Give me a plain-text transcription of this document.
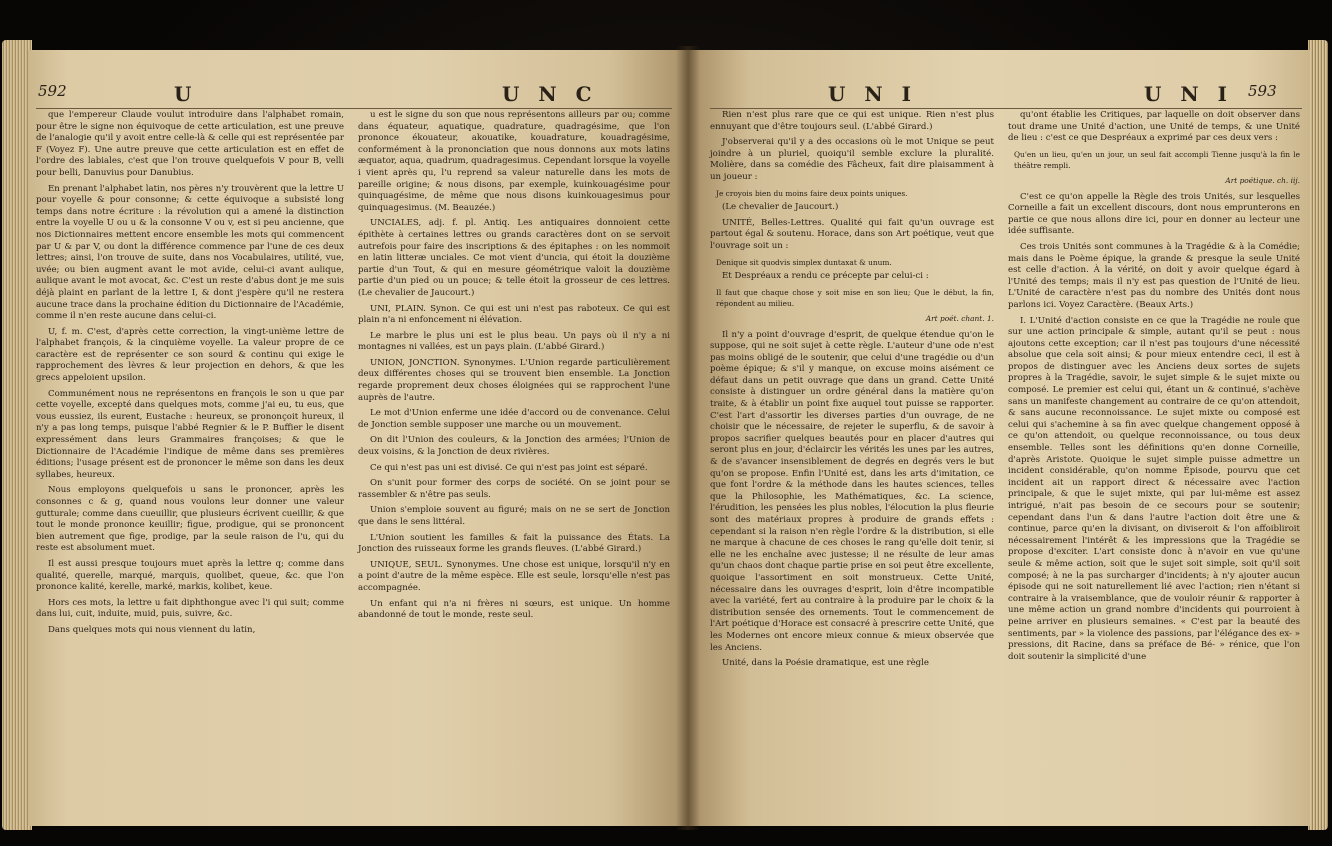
592	U	U N C

que l'empereur Claude voulut introduire dans l'alphabet romain, pour être le signe non équivoque de cette articulation, est une preuve de l'analogie qu'il y avoit entre celle-là & celle qui est représentée par F (Voyez F). Une autre preuve que cette articulation est en effet de l'ordre des labiales, c'est que l'on trouve quelquefois V pour B, velli pour belli, Danuvius pour Danubius.

En prenant l'alphabet latin, nos pères n'y trouvèrent que la lettre U pour voyelle & pour consonne; & cette équivoque a subsisté long temps dans notre écriture : la révolution qui a amené la distinction entre la voyelle U ou u & la consonne V ou v, est si peu ancienne, que nos Dictionnaires mettent encore ensemble les mots qui commencent par U & par V, ou dont la différence commence par l'une de ces deux lettres; ainsi, l'on trouve de suite, dans nos Vocabulaires, utilité, vue, uvée; ou bien augment avant le mot avide, celui-ci avant aulique, aulique avant le mot avocat, &c. C'est un reste d'abus dont je me suis déjà plaint en parlant de la lettre I, & dont j'espère qu'il ne restera aucune trace dans la prochaine édition du Dictionnaire de l'Académie, comme il n'en reste aucune dans celui-ci.

U, f. m. C'est, d'après cette correction, la vingt-unième lettre de l'alphabet françois, & la cinquième voyelle. La valeur propre de ce caractère est de représenter ce son sourd & continu qui exige le rapprochement des lèvres & leur projection en dehors, & que les grecs appeloient upsilon.

Communément nous ne représentons en françois le son u que par cette voyelle, excepté dans quelques mots, comme j'ai eu, tu eus, que vous eussiez, ils eurent, Eustache : heureux, se prononçoit hureux, il n'y a pas long temps, puisque l'abbé Regnier & le P. Buffier le disent expressément dans leurs Grammaires françoises; & que le Dictionnaire de l'Académie l'indique de même dans ses premières éditions; l'usage présent est de prononcer le même son dans les deux syllabes, heureux.

Nous employons quelquefois u sans le prononcer, après les consonnes c & g, quand nous voulons leur donner une valeur gutturale; comme dans cueuillir, que plusieurs écrivent cueillir, & que tout le monde prononce keuillir; figue, prodigue, qui se prononcent bien autrement que fige, prodige, par la seule raison de l'u, qui du reste est absolument muet.

Il est aussi presque toujours muet après la lettre q; comme dans qualité, querelle, marqué, marquis, quolibet, queue, &c. que l'on prononce kalité, kerelle, marké, markis, kolibet, keue.

Hors ces mots, la lettre u fait diphthongue avec l'i qui suit; comme dans lui, cuit, induite, muid, puis, suivre, &c.

Dans quelques mots qui nous viennent du latin,

u est le signe du son que nous représentons ailleurs par ou; comme dans équateur, aquatique, quadrature, quadragésime, que l'on prononce ékouateur, akouatike, kouadrature, kouadragésime, conformément à la prononciation que nous donnons aux mots latins æquator, aqua, quadrum, quadragesimus. Cependant lorsque la voyelle i vient après qu, l'u reprend sa valeur naturelle dans les mots de pareille origine; & nous disons, par exemple, kuinkouagésime pour quinquagésime, de même que nous disons kuinkouagesimus pour quinquagesimus. (M. Beauzée.)

UNCIALES, adj. f. pl. Antiq. Les antiquaires donnoient cette épithète à certaines lettres ou grands caractères dont on se servoit autrefois pour faire des inscriptions & des épitaphes : on les nommoit en latin litteræ unciales. Ce mot vient d'uncia, qui étoit la douzième partie d'un Tout, & qui en mesure géométrique valoit la douzième partie d'un pied ou un pouce; & telle étoit la grosseur de ces lettres. (Le chevalier de Jaucourt.)

UNI, PLAIN. Synon. Ce qui est uni n'est pas raboteux. Ce qui est plain n'a ni enfoncement ni élévation.

Le marbre le plus uni est le plus beau. Un pays où il n'y a ni montagnes ni vallées, est un pays plain. (L'abbé Girard.)

UNION, JONCTION. Synonymes. L'Union regarde particulièrement deux différentes choses qui se trouvent bien ensemble. La Jonction regarde proprement deux choses éloignées qui se rapprochent l'une auprès de l'autre.

Le mot d'Union enferme une idée d'accord ou de convenance. Celui de Jonction semble supposer une marche ou un mouvement.

On dit l'Union des couleurs, & la Jonction des armées; l'Union de deux voisins, & la Jonction de deux rivières.

Ce qui n'est pas uni est divisé. Ce qui n'est pas joint est séparé.

On s'unit pour former des corps de société. On se joint pour se rassembler & n'être pas seuls.

Union s'emploie souvent au figuré; mais on ne se sert de Jonction que dans le sens littéral.

L'Union soutient les familles & fait la puissance des États. La Jonction des ruisseaux forme les grands fleuves. (L'abbé Girard.)

UNIQUE, SEUL. Synonymes. Une chose est unique, lorsqu'il n'y en a point d'autre de la même espèce. Elle est seule, lorsqu'elle n'est pas accompagnée.

Un enfant qui n'a ni frères ni sœurs, est unique. Un homme abandonné de tout le monde, reste seul.

U N I	U N I 593

Rien n'est plus rare que ce qui est unique. Rien n'est plus ennuyant que d'être toujours seul. (L'abbé Girard.)

J'observerai qu'il y a des occasions où le mot Unique se peut joindre à un pluriel, quoiqu'il semble exclure la pluralité. Molière, dans sa comédie des Fâcheux, fait dire plaisamment à un joueur :

Je croyois bien du moins faire deux points uniques.

(Le chevalier de Jaucourt.)

UNITÉ, Belles-Lettres. Qualité qui fait qu'un ouvrage est partout égal & soutenu. Horace, dans son Art poétique, veut que l'ouvrage soit un :

Denique sit quodvis simplex duntaxat & unum.

Et Despréaux a rendu ce précepte par celui-ci :

Il faut que chaque chose y soit mise en son lieu; Que le début, la fin, répondent au milieu.

Art poét. chant. 1.

Il n'y a point d'ouvrage d'esprit, de quelque étendue qu'on le suppose, qui ne soit sujet à cette règle. L'auteur d'une ode n'est pas moins obligé de le soutenir, que celui d'une tragédie ou d'un poème épique; & s'il y manque, on excuse moins aisément ce défaut dans un petit ouvrage que dans un grand. Cette Unité consiste à distinguer un ordre général dans la matière qu'on traite, & à établir un point fixe auquel tout puisse se rapporter. C'est l'art d'assortir les diverses parties d'un ouvrage, de ne choisir que le nécessaire, de rejeter le superflu, & de savoir à propos sacrifier quelques beautés pour en placer d'autres qui seront plus en jour, d'éclaircir les vérités les unes par les autres, & de s'avancer insensiblement de degrés en degrés vers le but qu'on se propose. Enfin l'Unité est, dans les arts d'imitation, ce que font l'ordre & la méthode dans les hautes sciences, telles que la Philosophie, les Mathématiques, &c. La science, l'érudition, les pensées les plus nobles, l'élocution la plus fleurie sont des matériaux propres à produire de grands effets : cependant si la raison n'en règle l'ordre & la distribution, si elle ne marque à chacune de ces choses le rang qu'elle doit tenir, si elle ne les enchaîne avec justesse; il ne résulte de leur amas qu'un chaos dont chaque partie prise en soi peut être excellente, quoique l'assortiment en soit monstrueux. Cette Unité, nécessaire dans les ouvrages d'esprit, loin d'être incompatible avec la variété, fert au contraire à la produire par le choix & la distribution sensée des ornements. Tout le commencement de l'Art poétique d'Horace est consacré à prescrire cette Unité, que les Modernes ont encore mieux connue & mieux observée que les Anciens.

Unité, dans la Poésie dramatique, est une règle

qu'ont établie les Critiques, par laquelle on doit observer dans tout drame une Unité d'action, une Unité de temps, & une Unité de lieu : c'est ce que Despréaux a exprimé par ces deux vers :

Qu'en un lieu, qu'en un jour, un seul fait accompli Tienne jusqu'à la fin le théâtre rempli.

Art poétique. ch. iij.

C'est ce qu'on appelle la Règle des trois Unités, sur lesquelles Corneille a fait un excellent discours, dont nous emprunterons en partie ce que nous allons dire ici, pour en donner au lecteur une idée suffisante.

Ces trois Unités sont communes à la Tragédie & à la Comédie; mais dans le Poème épique, la grande & presque la seule Unité est celle d'action. À la vérité, on doit y avoir quelque égard à l'Unité des temps; mais il n'y est pas question de l'Unité de lieu. L'Unité de caractère n'est pas du nombre des Unités dont nous parlons ici. Voyez Caractère. (Beaux Arts.)

I. L'Unité d'action consiste en ce que la Tragédie ne roule que sur une action principale & simple, autant qu'il se peut : nous ajoutons cette exception; car il n'est pas toujours d'une nécessité absolue que cela soit ainsi; & pour mieux entendre ceci, il est à propos de distinguer avec les Anciens deux sortes de sujets propres à la Tragédie, savoir, le sujet simple & le sujet mixte ou composé. Le premier est celui qui, étant un & continué, s'achève sans un manifeste changement au contraire de ce qu'on attendoit, & sans aucune reconnoissance. Le sujet mixte ou composé est celui qui s'achemine à sa fin avec quelque changement opposé à ce qu'on attendoit, ou quelque reconnoissance, ou tous deux ensemble. Telles sont les définitions qu'en donne Corneille, d'après Aristote. Quoique le sujet simple puisse admettre un incident considérable, qu'on nomme Épisode, pourvu que cet incident ait un rapport direct & nécessaire avec l'action principale, & que le sujet mixte, qui par lui-même est assez intrigué, n'ait pas besoin de ce secours pour se soutenir; cependant dans l'un & dans l'autre l'action doit être une & continue, parce qu'en la divisant, on diviseroit & l'on affoibliroit nécessairement l'intérêt & les impressions que la Tragédie se propose d'exciter. L'art consiste donc à n'avoir en vue qu'une seule & même action, soit que le sujet soit simple, soit qu'il soit composé; à ne la pas surcharger d'incidents; à n'y ajouter aucun épisode qui ne soit naturellement lié avec l'action; rien n'étant si contraire à la vraisemblance, que de vouloir réunir & rapporter à une même action un grand nombre d'incidents qui pourroient à peine arriver en plusieurs semaines. « C'est par la beauté des sentiments, par » la violence des passions, par l'élégance des ex- » pressions, dit Racine, dans sa préface de Bé- » rénice, que l'on doit soutenir la simplicité d'une
